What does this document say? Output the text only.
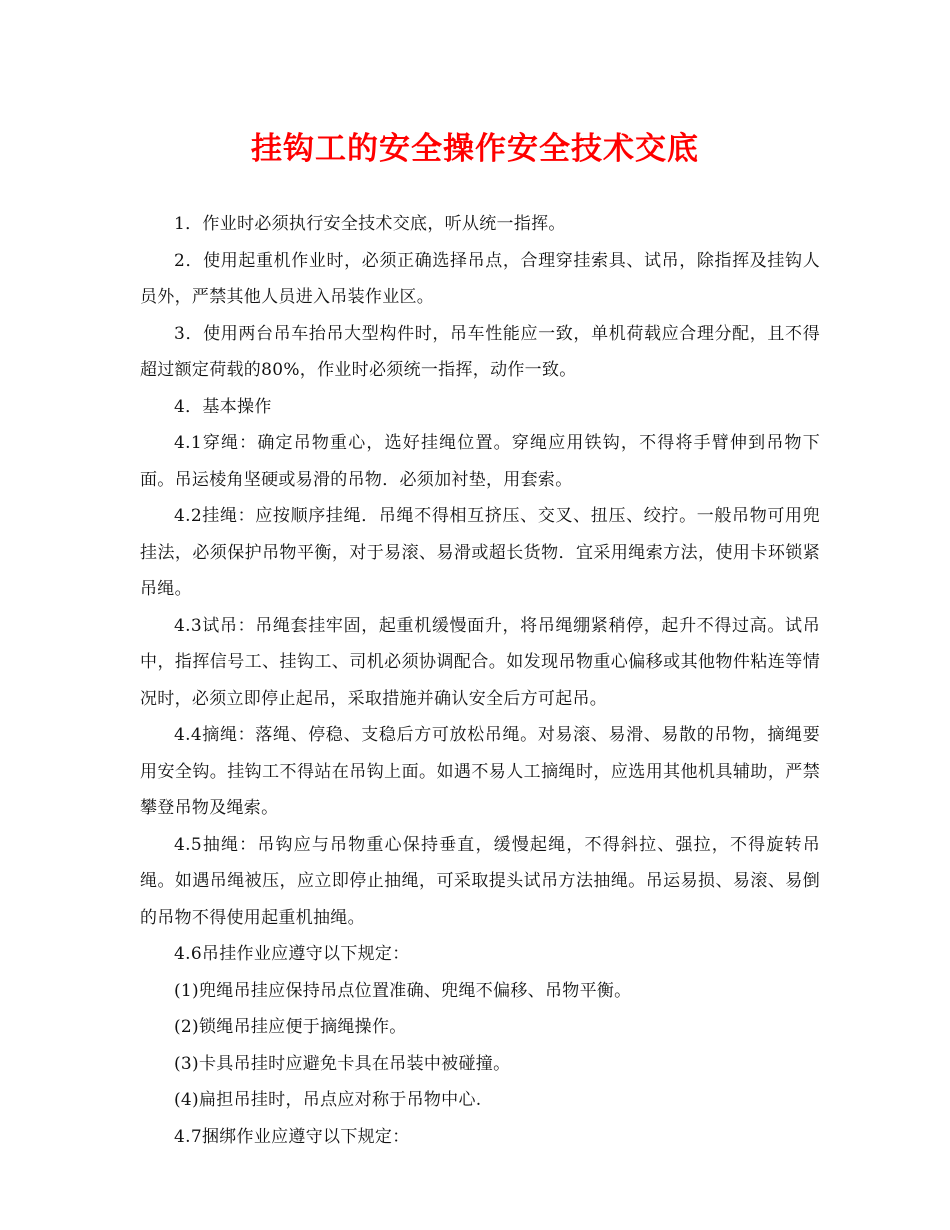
挂钩工的安全操作安全技术交底

1．作业时必须执行安全技术交底，听从统一指挥。

2．使用起重机作业时，必须正确选择吊点，合理穿挂索具、试吊，除指挥及挂钩人员外，严禁其他人员进入吊装作业区。

3．使用两台吊车抬吊大型构件时，吊车性能应一致，单机荷载应合理分配，且不得超过额定荷载的80%，作业时必须统一指挥，动作一致。

4．基本操作

4.1穿绳：确定吊物重心，选好挂绳位置。穿绳应用铁钩，不得将手臂伸到吊物下面。吊运棱角坚硬或易滑的吊物．必须加衬垫，用套索。

4.2挂绳：应按顺序挂绳．吊绳不得相互挤压、交叉、扭压、绞拧。一般吊物可用兜挂法，必须保护吊物平衡，对于易滚、易滑或超长货物．宜采用绳索方法，使用卡环锁紧吊绳。

4.3试吊：吊绳套挂牢固，起重机缓慢面升，将吊绳绷紧稍停，起升不得过高。试吊中，指挥信号工、挂钩工、司机必须协调配合。如发现吊物重心偏移或其他物件粘连等情况时，必须立即停止起吊，采取措施并确认安全后方可起吊。

4.4摘绳：落绳、停稳、支稳后方可放松吊绳。对易滚、易滑、易散的吊物，摘绳要用安全钩。挂钩工不得站在吊钩上面。如遇不易人工摘绳时，应选用其他机具辅助，严禁攀登吊物及绳索。

4.5抽绳：吊钩应与吊物重心保持垂直，缓慢起绳，不得斜拉、强拉，不得旋转吊绳。如遇吊绳被压，应立即停止抽绳，可采取提头试吊方法抽绳。吊运易损、易滚、易倒的吊物不得使用起重机抽绳。

4.6吊挂作业应遵守以下规定：

(1)兜绳吊挂应保持吊点位置准确、兜绳不偏移、吊物平衡。

(2)锁绳吊挂应便于摘绳操作。

(3)卡具吊挂时应避免卡具在吊装中被碰撞。

(4)扁担吊挂时，吊点应对称于吊物中心.

4.7捆绑作业应遵守以下规定：
